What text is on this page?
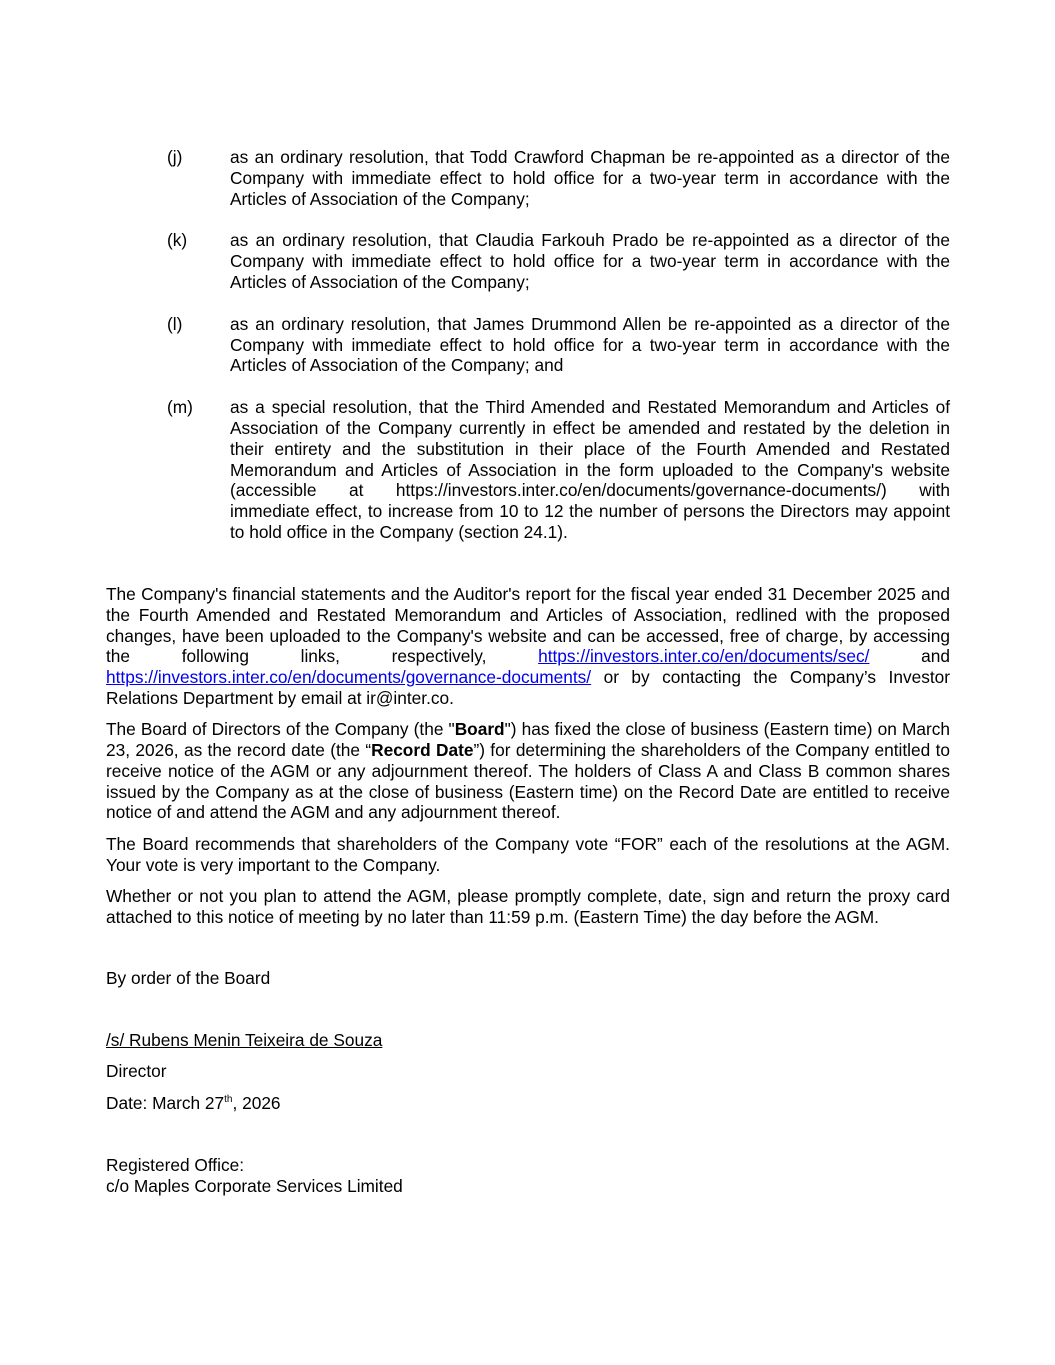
(j)	as an ordinary resolution, that Todd Crawford Chapman be re-appointed as a director of the Company with immediate effect to hold office for a two-year term in accordance with the Articles of Association of the Company;
(k)	as an ordinary resolution, that Claudia Farkouh Prado be re-appointed as a director of the Company with immediate effect to hold office for a two-year term in accordance with the Articles of Association of the Company;
(l)	as an ordinary resolution, that James Drummond Allen be re-appointed as a director of the Company with immediate effect to hold office for a two-year term in accordance with the Articles of Association of the Company; and
(m)	as a special resolution, that the Third Amended and Restated Memorandum and Articles of Association of the Company currently in effect be amended and restated by the deletion in their entirety and the substitution in their place of the Fourth Amended and Restated Memorandum and Articles of Association in the form uploaded to the Company's website (accessible at https://investors.inter.co/en/documents/governance-documents/) with immediate effect, to increase from 10 to 12 the number of persons the Directors may appoint to hold office in the Company (section 24.1).

The Company's financial statements and the Auditor's report for the fiscal year ended 31 December 2025 and the Fourth Amended and Restated Memorandum and Articles of Association, redlined with the proposed changes, have been uploaded to the Company's website and can be accessed, free of charge, by accessing the following links, respectively, https://investors.inter.co/en/documents/sec/ and https://investors.inter.co/en/documents/governance-documents/ or by contacting the Company’s Investor Relations Department by email at ir@inter.co.

The Board of Directors of the Company (the "Board") has fixed the close of business (Eastern time) on March 23, 2026, as the record date (the “Record Date”) for determining the shareholders of the Company entitled to receive notice of the AGM or any adjournment thereof. The holders of Class A and Class B common shares issued by the Company as at the close of business (Eastern time) on the Record Date are entitled to receive notice of and attend the AGM and any adjournment thereof.

The Board recommends that shareholders of the Company vote “FOR” each of the resolutions at the AGM. Your vote is very important to the Company.

Whether or not you plan to attend the AGM, please promptly complete, date, sign and return the proxy card attached to this notice of meeting by no later than 11:59 p.m. (Eastern Time) the day before the AGM.

By order of the Board
/s/ Rubens Menin Teixeira de Souza
Director
Date: March 27th, 2026
Registered Office:
c/o Maples Corporate Services Limited
